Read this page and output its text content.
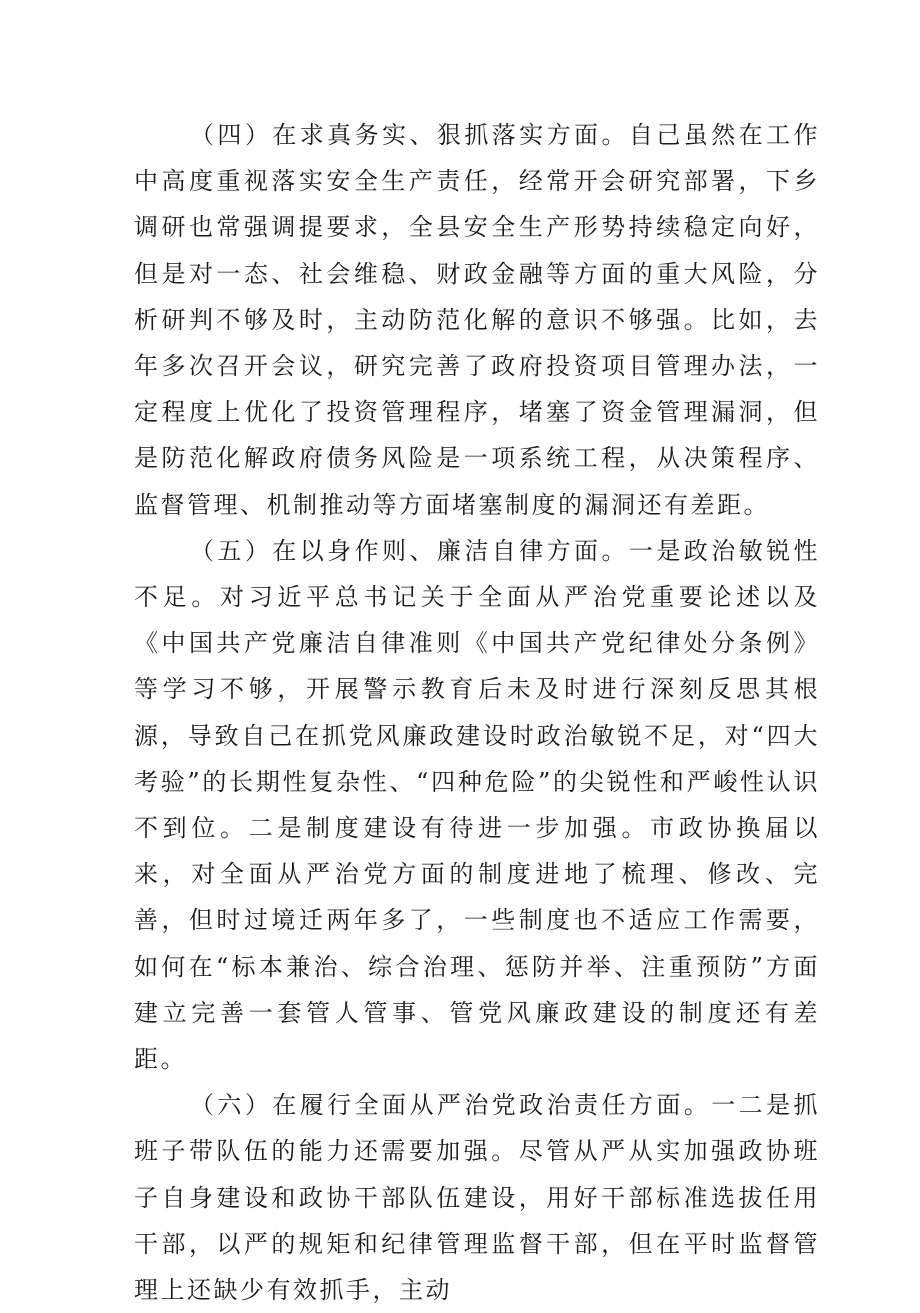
（四）在求真务实、狠抓落实方面。自己虽然在工作中高度重视落实安全生产责任，经常开会研究部署，下乡调研也常强调提要求，全县安全生产形势持续稳定向好，但是对一态、社会维稳、财政金融等方面的重大风险，分析研判不够及时，主动防范化解的意识不够强。比如，去年多次召开会议，研究完善了政府投资项目管理办法，一定程度上优化了投资管理程序，堵塞了资金管理漏洞，但是防范化解政府债务风险是一项系统工程，从决策程序、监督管理、机制推动等方面堵塞制度的漏洞还有差距。

（五）在以身作则、廉洁自律方面。一是政治敏锐性不足。对习近平总书记关于全面从严治党重要论述以及《中国共产党廉洁自律准则《中国共产党纪律处分条例》等学习不够，开展警示教育后未及时进行深刻反思其根源，导致自己在抓党风廉政建设时政治敏锐不足，对“四大考验”的长期性复杂性、“四种危险”的尖锐性和严峻性认识不到位。二是制度建设有待进一步加强。市政协换届以来，对全面从严治党方面的制度进地了梳理、修改、完善，但时过境迁两年多了，一些制度也不适应工作需要，如何在“标本兼治、综合治理、惩防并举、注重预防”方面建立完善一套管人管事、管党风廉政建设的制度还有差距。

（六）在履行全面从严治党政治责任方面。一二是抓班子带队伍的能力还需要加强。尽管从严从实加强政协班子自身建设和政协干部队伍建设，用好干部标准选拔任用干部，以严的规矩和纪律管理监督干部，但在平时监督管理上还缺少有效抓手，主动
